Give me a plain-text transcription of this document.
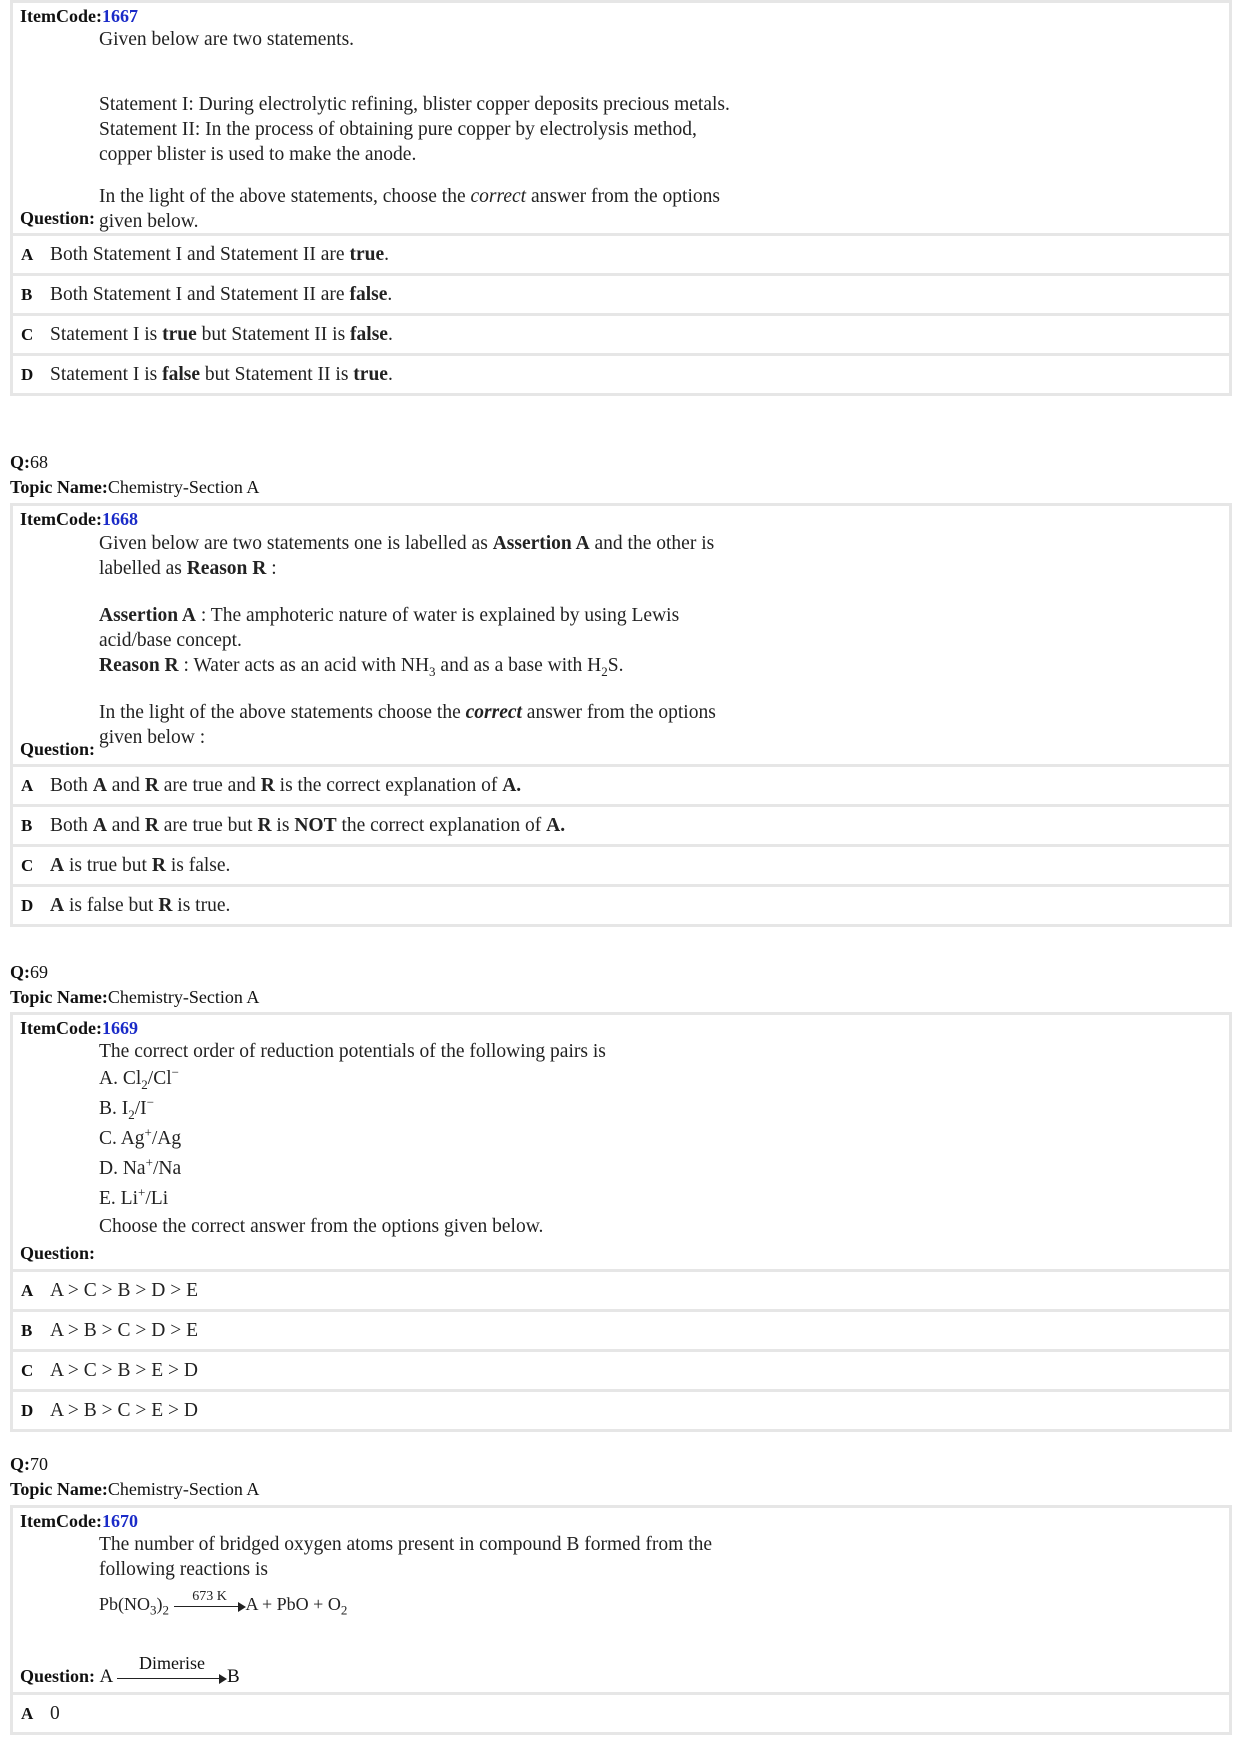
ItemCode:1667

Given below are two statements.

Statement I: During electrolytic refining, blister copper deposits precious metals.

Statement II: In the process of obtaining pure copper by electrolysis method,

copper blister is used to make the anode.

In the light of the above statements, choose the correct answer from the options

given below.

Question:
A Both Statement I and Statement II are true.
B Both Statement I and Statement II are false.
C Statement I is true but Statement II is false.
D Statement I is false but Statement II is true.
Q:68
Topic Name:Chemistry-Section A
ItemCode:1668

Given below are two statements one is labelled as Assertion A and the other is

labelled as Reason R :

Assertion A : The amphoteric nature of water is explained by using Lewis

acid/base concept.

Reason R : Water acts as an acid with $NH_3$ and as a base with $H_2S$.

In the light of the above statements choose the correct answer from the options

given below :

Question:
A Both A and R are true and R is the correct explanation of A.
B Both A and R are true but R is NOT the correct explanation of A.
C A is true but R is false.
D A is false but R is true.
Q:69
Topic Name:Chemistry-Section A
ItemCode:1669

The correct order of reduction potentials of the following pairs is

A. $Cl_2/Cl^-$

B. $I_2/I^-$

C. Ag+/Ag

D. Na+/Na

E. Li+/Li

Choose the correct answer from the options given below.

Question:
A A > C > B > D > E
B A > B > C > D > E
C A > C > B > E > D
D A > B > C > E > D
Q:70
Topic Name:Chemistry-Section A
ItemCode:1670

The number of bridged oxygen atoms present in compound B formed from the

following reactions is

$Pb(NO_3)_2$
673 K	A + PbO + $O_2$

Question: A
Dimerise
B
A 0
